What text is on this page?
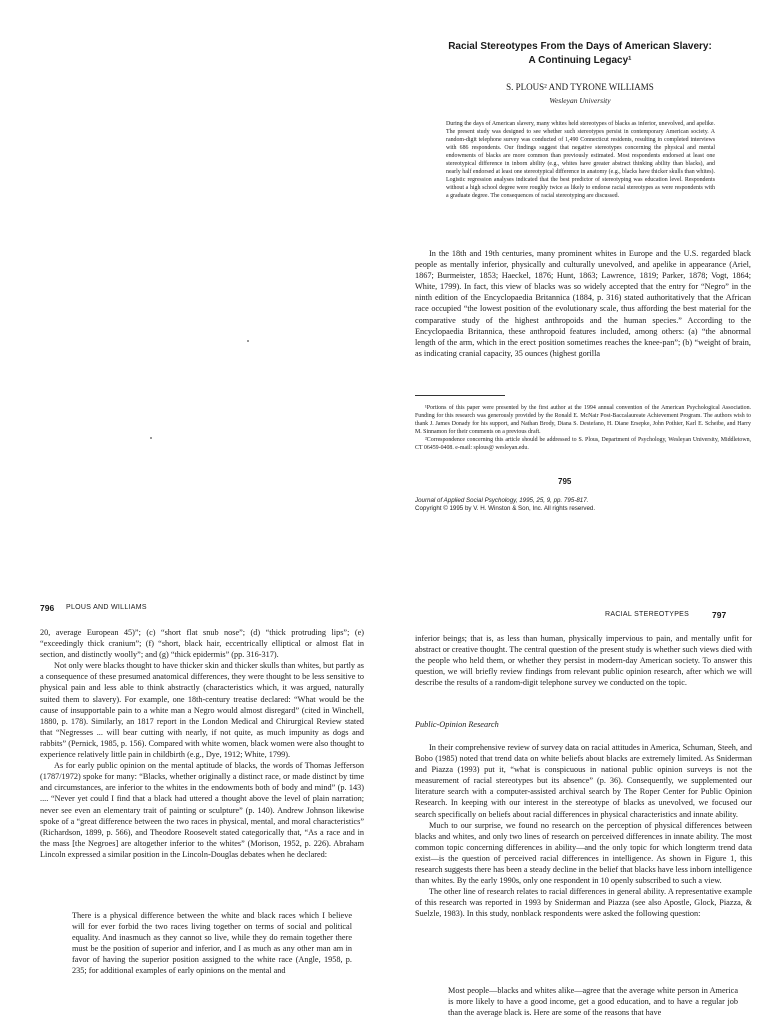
Racial Stereotypes From the Days of American Slavery:
A Continuing Legacy¹
S. PLOUS² AND TYRONE WILLIAMS
Wesleyan University
During the days of American slavery, many whites held stereotypes of blacks as inferior, unevolved, and apelike. The present study was designed to see whether such stereotypes persist in contemporary American society. A random-digit telephone survey was conducted of 1,490 Connecticut residents, resulting in completed interviews with 686 respondents. Our findings suggest that negative stereotypes concerning the physical and mental endowments of blacks are more common than previously estimated. Most respondents endorsed at least one stereotypical difference in inborn ability (e.g., whites have greater abstract thinking ability than blacks), and nearly half endorsed at least one stereotypical difference in anatomy (e.g., blacks have thicker skulls than whites). Logistic regression analyses indicated that the best predictor of stereotyping was education level. Respondents without a high school degree were roughly twice as likely to endorse racial stereotypes as were respondents with a graduate degree. The consequences of racial stereotyping are discussed.
In the 18th and 19th centuries, many prominent whites in Europe and the U.S. regarded black people as mentally inferior, physically and culturally unevolved, and apelike in appearance (Ariel, 1867; Burmeister, 1853; Haeckel, 1876; Hunt, 1863; Lawrence, 1819; Parker, 1878; Vogt, 1864; White, 1799). In fact, this view of blacks was so widely accepted that the entry for “Negro” in the ninth edition of the Encyclopaedia Britannica (1884, p. 316) stated authoritatively that the African race occupied “the lowest position of the evolutionary scale, thus affording the best material for the comparative study of the highest anthropoids and the human species.” According to the Encyclopaedia Britannica, these anthropoid features included, among others: (a) “the abnormal length of the arm, which in the erect position sometimes reaches the knee-pan”; (b) “weight of brain, as indicating cranial capacity, 35 ounces (highest gorilla
¹Portions of this paper were presented by the first author at the 1994 annual convention of the American Psychological Association. Funding for this research was generously provided by the Ronald E. McNair Post-Baccalaureate Achievement Program. The authors wish to thank J. James Donady for his support, and Nathan Brody, Diana S. Destefano, H. Diane Ersepke, John Pothier, Karl E. Scheibe, and Harry M. Sinnamon for their comments on a previous draft.
²Correspondence concerning this article should be addressed to S. Plous, Department of Psychology, Wesleyan University, Middletown, CT 06459-0408. e-mail: splous@ wesleyan.edu.
795
Journal of Applied Social Psychology, 1995, 25, 9, pp. 795-817.
Copyright © 1995 by V. H. Winston & Son, Inc. All rights reserved.
796 PLOUS AND WILLIAMS

20, average European 45)”; (c) “short flat snub nose”; (d) “thick protruding lips”; (e) “exceedingly thick cranium”; (f) “short, black hair, eccentrically elliptical or almost flat in section, and distinctly woolly”; and (g) “thick epidermis” (pp. 316-317).

Not only were blacks thought to have thicker skin and thicker skulls than whites, but partly as a consequence of these presumed anatomical differences, they were thought to be less sensitive to physical pain and less able to think abstractly (characteristics which, it was argued, naturally suited them to slavery). For example, one 18th-century treatise declared: “What would be the cause of insupportable pain to a white man a Negro would almost disregard” (cited in Winchell, 1880, p. 178). Similarly, an 1817 report in the London Medical and Chirurgical Review stated that “Negresses ... will bear cutting with nearly, if not quite, as much impunity as dogs and rabbits” (Pernick, 1985, p. 156). Compared with white women, black women were also thought to experience relatively little pain in childbirth (e.g., Dye, 1912; White, 1799).

As for early public opinion on the mental aptitude of blacks, the words of Thomas Jefferson (1787/1972) spoke for many: “Blacks, whether originally a distinct race, or made distinct by time and circumstances, are inferior to the whites in the endowments both of body and mind” (p. 143) .... “Never yet could I find that a black had uttered a thought above the level of plain narration; never see even an elementary trait of painting or sculpture” (p. 140). Andrew Johnson likewise spoke of a “great difference between the two races in physical, mental, and moral characteristics” (Richardson, 1899, p. 566), and Theodore Roosevelt stated categorically that, “As a race and in the mass [the Negroes] are altogether inferior to the whites” (Morison, 1952, p. 226). Abraham Lincoln expressed a similar position in the Lincoln-Douglas debates when he declared:

There is a physical difference between the white and black races which I believe will for ever forbid the two races living together on terms of social and political equality. And inasmuch as they cannot so live, while they do remain together there must be the position of superior and inferior, and I as much as any other man am in favor of having the superior position assigned to the white race (Angle, 1958, p. 235; for additional examples of early opinions on the mental and
RACIAL STEREOTYPES	797

inferior beings; that is, as less than human, physically impervious to pain, and mentally unfit for abstract or creative thought. The central question of the present study is whether such views died with the people who held them, or whether they persist in modern-day American society. To answer this question, we will briefly review findings from relevant public opinion research, after which we will describe the results of a random-digit telephone survey we conducted on the topic.

Public-Opinion Research

In their comprehensive review of survey data on racial attitudes in America, Schuman, Steeh, and Bobo (1985) noted that trend data on white beliefs about blacks are extremely limited. As Sniderman and Piazza (1993) put it, “what is conspicuous in national public opinion surveys is not the measurement of racial stereotypes but its absence” (p. 36). Consequently, we supplemented our literature search with a computer-assisted archival search by The Roper Center for Public Opinion Research. In keeping with our interest in the stereotype of blacks as unevolved, we focused our search specifically on beliefs about racial differences in physical characteristics and innate ability.

Much to our surprise, we found no research on the perception of physical differences between blacks and whites, and only two lines of research on perceived differences in innate ability. The most common topic concerning differences in ability—and the only topic for which longterm trend data exist—is the question of perceived racial differences in intelligence. As shown in Figure 1, this research suggests there has been a steady decline in the belief that blacks have less inborn intelligence than whites. By the early 1990s, only one respondent in 10 openly subscribed to such a view.

The other line of research relates to racial differences in general ability. A representative example of this research was reported in 1993 by Sniderman and Piazza (see also Apostle, Glock, Piazza, & Suelzle, 1983). In this study, nonblack respondents were asked the following question:

Most people—blacks and whites alike—agree that the average white person in America is more likely to have a good income, get a good education, and to have a regular job than the average black is. Here are some of the reasons that have
